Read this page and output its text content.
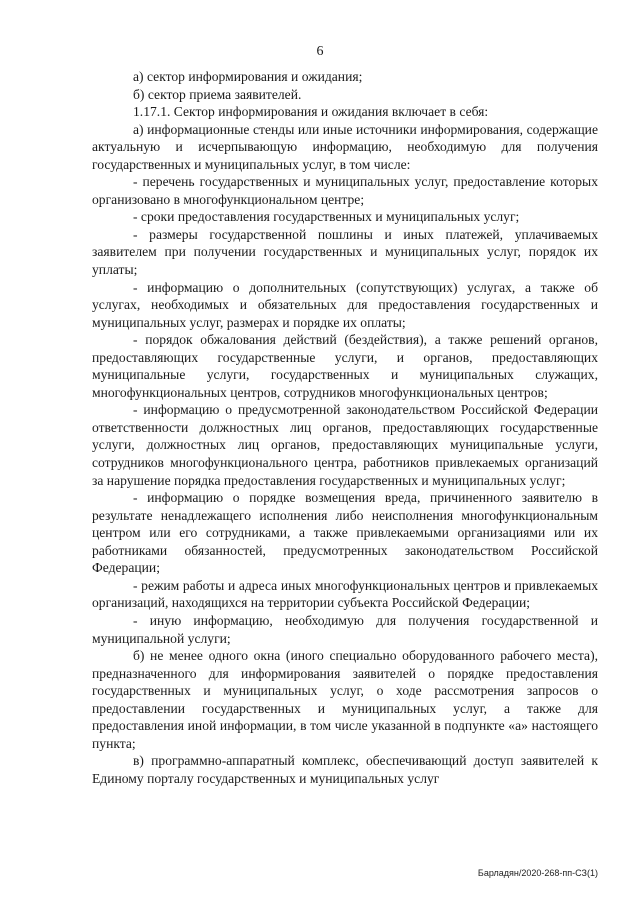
6

а) сектор информирования и ожидания;

б) сектор приема заявителей.

1.17.1. Сектор информирования и ожидания включает в себя:

а) информационные стенды или иные источники информирования, содержащие актуальную и исчерпывающую информацию, необходимую для получения государственных и муниципальных услуг, в том числе:

- перечень государственных и муниципальных услуг, предоставление которых организовано в многофункциональном центре;

- сроки предоставления государственных и муниципальных услуг;

- размеры государственной пошлины и иных платежей, уплачиваемых заявителем при получении государственных и муниципальных услуг, порядок их уплаты;

- информацию о дополнительных (сопутствующих) услугах, а также об услугах, необходимых и обязательных для предоставления государственных и муниципальных услуг, размерах и порядке их оплаты;

- порядок обжалования действий (бездействия), а также решений органов, предоставляющих государственные услуги, и органов, предоставляющих муниципальные услуги, государственных и муниципальных служащих, многофункциональных центров, сотрудников многофункциональных центров;

- информацию о предусмотренной законодательством Российской Федерации ответственности должностных лиц органов, предоставляющих государственные услуги, должностных лиц органов, предоставляющих муниципальные услуги, сотрудников многофункционального центра, работников привлекаемых организаций за нарушение порядка предоставления государственных и муниципальных услуг;

- информацию о порядке возмещения вреда, причиненного заявителю в результате ненадлежащего исполнения либо неисполнения многофункциональным центром или его сотрудниками, а также привлекаемыми организациями или их работниками обязанностей, предусмотренных законодательством Российской Федерации;

- режим работы и адреса иных многофункциональных центров и привлекаемых организаций, находящихся на территории субъекта Российской Федерации;

- иную информацию, необходимую для получения государственной и муниципальной услуги;

б) не менее одного окна (иного специально оборудованного рабочего места), предназначенного для информирования заявителей о порядке предоставления государственных и муниципальных услуг, о ходе рассмотрения запросов о предоставлении государственных и муниципальных услуг, а также для предоставления иной информации, в том числе указанной в подпункте «а» настоящего пункта;

в) программно-аппаратный комплекс, обеспечивающий доступ заявителей к Единому порталу государственных и муниципальных услуг

Барладян/2020-268-пп-СЗ(1)
